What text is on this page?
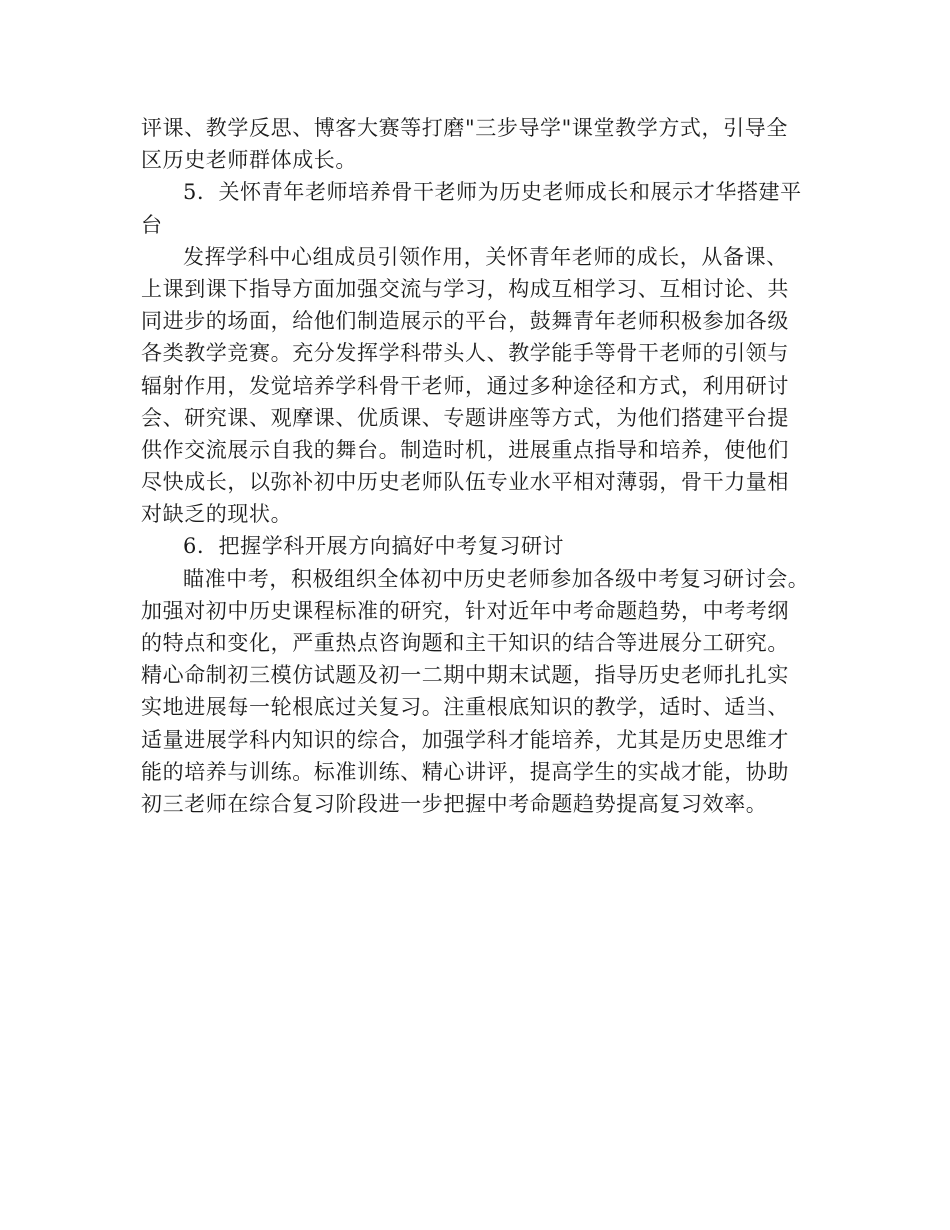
评课、教学反思、博客大赛等打磨"三步导学"课堂教学方式，引导全
区历史老师群体成长。
5．关怀青年老师培养骨干老师为历史老师成长和展示才华搭建平
台
发挥学科中心组成员引领作用，关怀青年老师的成长，从备课、
上课到课下指导方面加强交流与学习，构成互相学习、互相讨论、共
同进步的场面，给他们制造展示的平台，鼓舞青年老师积极参加各级
各类教学竞赛。充分发挥学科带头人、教学能手等骨干老师的引领与
辐射作用，发觉培养学科骨干老师，通过多种途径和方式，利用研讨
会、研究课、观摩课、优质课、专题讲座等方式，为他们搭建平台提
供作交流展示自我的舞台。制造时机，进展重点指导和培养，使他们
尽快成长，以弥补初中历史老师队伍专业水平相对薄弱，骨干力量相
对缺乏的现状。
6．把握学科开展方向搞好中考复习研讨
瞄准中考，积极组织全体初中历史老师参加各级中考复习研讨会。
加强对初中历史课程标准的研究，针对近年中考命题趋势，中考考纲
的特点和变化，严重热点咨询题和主干知识的结合等进展分工研究。
精心命制初三模仿试题及初一二期中期末试题，指导历史老师扎扎实
实地进展每一轮根底过关复习。注重根底知识的教学，适时、适当、
适量进展学科内知识的综合，加强学科才能培养，尤其是历史思维才
能的培养与训练。标准训练、精心讲评，提高学生的实战才能，协助
初三老师在综合复习阶段进一步把握中考命题趋势提高复习效率。
